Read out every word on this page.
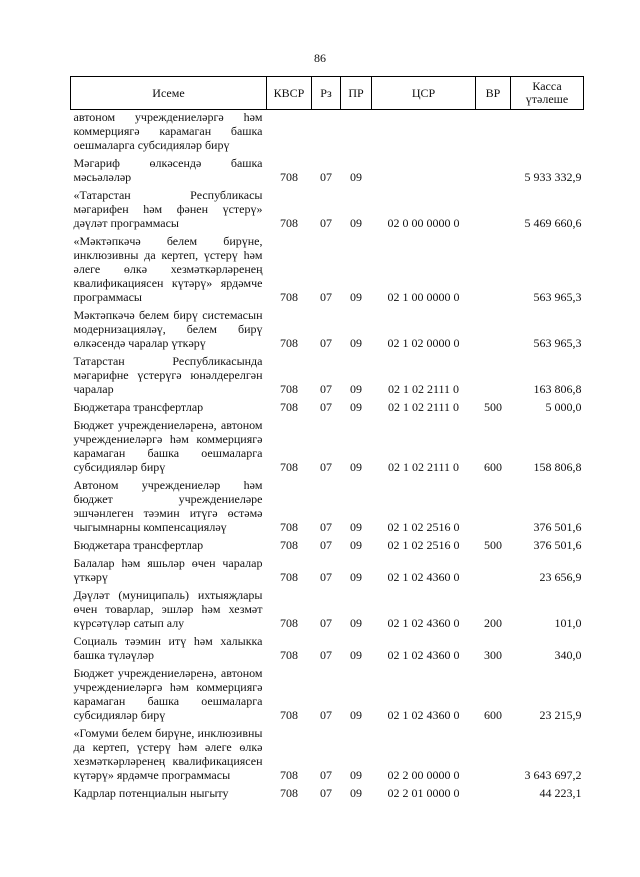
86
Исеме	КВСР	Рз	ПР	ЦСР	ВР	Касса үтәлеше
автоном учреждениеләргә һәм коммерциягә карамаган башка оешмаларга субсидияләр бирү						
Мәгариф өлкәсендә башка мәсьәләләр	708	07	09			5 933 332,9
«Татарстан Республикасы мәгарифен һәм фәнен үстерү» дәүләт программасы	708	07	09	02 0 00 0000 0		5 469 660,6
«Мәктәпкәчә белем бирүне, инклюзивны да кертеп, үстерү һәм әлеге өлкә хезмәткәрләренең квалификациясен күтәрү» ярдәмче программасы	708	07	09	02 1 00 0000 0		563 965,3
Мәктәпкәчә белем бирү системасын модернизацияләү, белем бирү өлкәсендә чаралар үткәрү	708	07	09	02 1 02 0000 0		563 965,3
Татарстан Республикасында мәгарифне үстерүгә юнәлдерелгән чаралар	708	07	09	02 1 02 2111 0		163 806,8
Бюджетара трансфертлар	708	07	09	02 1 02 2111 0	500	5 000,0
Бюджет учреждениеләренә, автоном учреждениеләргә һәм коммерциягә карамаган башка оешмаларга субсидияләр бирү	708	07	09	02 1 02 2111 0	600	158 806,8
Автоном учреждениеләр һәм бюджет учреждениеләре эшчәнлеген тәэмин итүгә өстәмә чыгымнарны компенсацияләү	708	07	09	02 1 02 2516 0		376 501,6
Бюджетара трансфертлар	708	07	09	02 1 02 2516 0	500	376 501,6
Балалар һәм яшьләр өчен чаралар үткәрү	708	07	09	02 1 02 4360 0		23 656,9
Дәүләт (муниципаль) ихтыяҗлары өчен товарлар, эшләр һәм хезмәт күрсәтүләр сатып алу	708	07	09	02 1 02 4360 0	200	101,0
Социаль тәэмин итү һәм халыкка башка түләүләр	708	07	09	02 1 02 4360 0	300	340,0
Бюджет учреждениеләренә, автоном учреждениеләргә һәм коммерциягә карамаган башка оешмаларга субсидияләр бирү	708	07	09	02 1 02 4360 0	600	23 215,9
«Гомуми белем бирүне, инклюзивны да кертеп, үстерү һәм әлеге өлкә хезмәткәрләренең квалификациясен күтәрү» ярдәмче программасы	708	07	09	02 2 00 0000 0		3 643 697,2
Кадрлар потенциалын ныгыту	708	07	09	02 2 01 0000 0		44 223,1
